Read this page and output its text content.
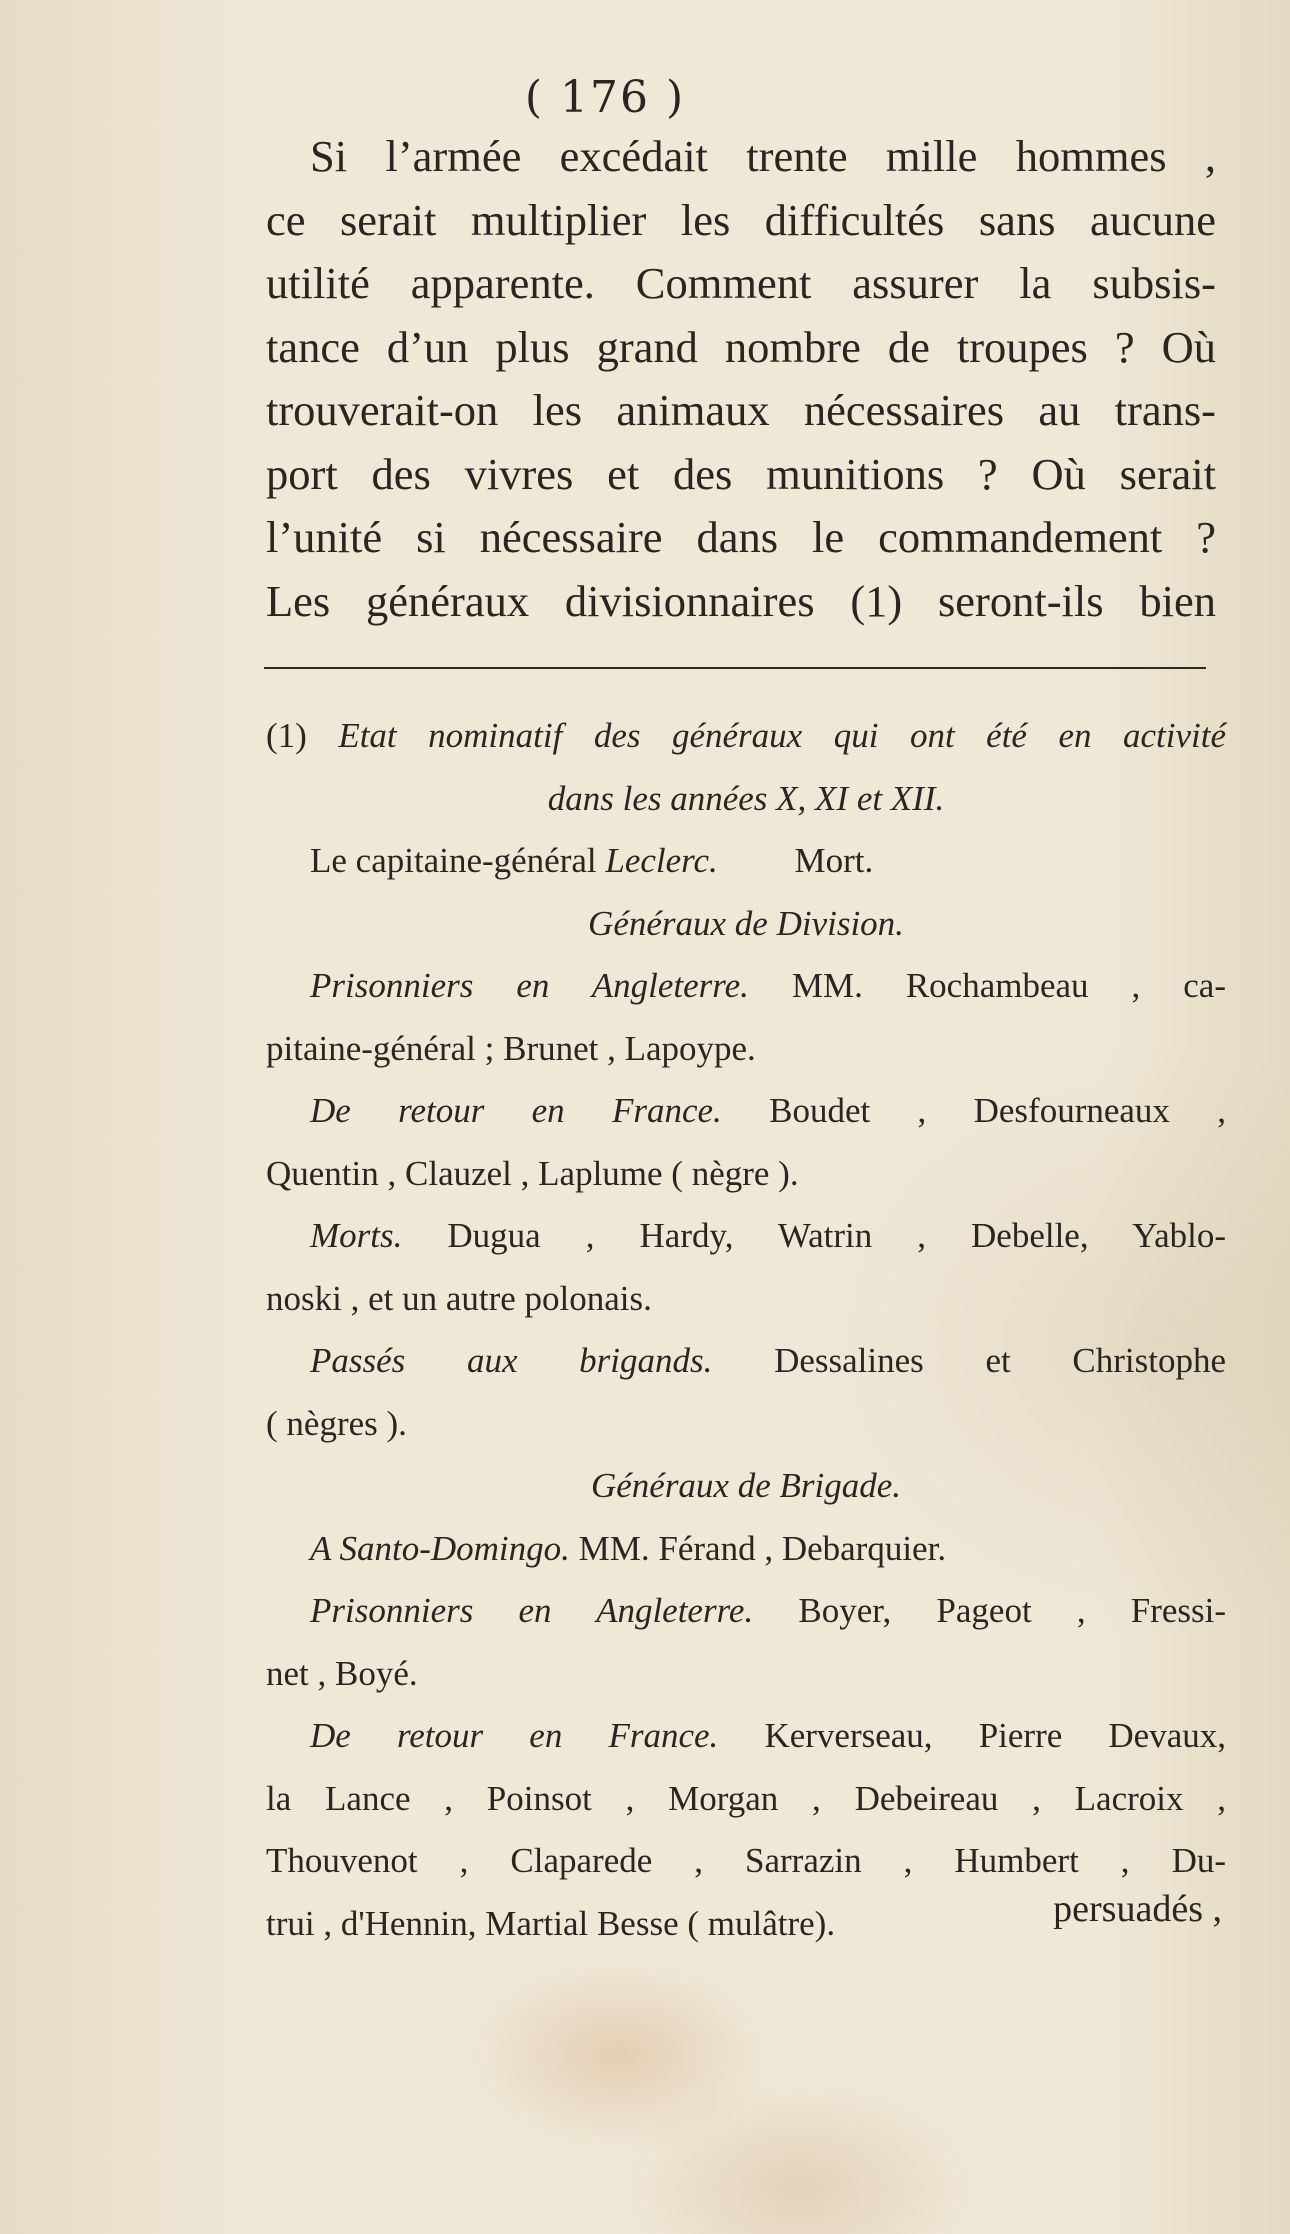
( 176 )
Si l’armée excédait trente mille hommes ,
ce serait multiplier les difficultés sans aucune
utilité apparente. Comment assurer la subsis-
tance d’un plus grand nombre de troupes ? Où
trouverait-on les animaux nécessaires au trans-
port des vivres et des munitions ? Où serait
l’unité si nécessaire dans le commandement ?
Les généraux divisionnaires (1) seront-ils bien
(1) Etat nominatif des généraux qui ont été en activité
dans les années X, XI et XII.
Le capitaine-général Leclerc. Mort.
Généraux de Division.
Prisonniers en Angleterre. MM. Rochambeau , ca-
pitaine-général ; Brunet , Lapoype.
De retour en France. Boudet , Desfourneaux ,
Quentin , Clauzel , Laplume ( nègre ).
Morts. Dugua , Hardy, Watrin , Debelle, Yablo-
noski , et un autre polonais.
Passés aux brigands. Dessalines et Christophe
( nègres ).
Généraux de Brigade.
A Santo-Domingo. MM. Férand , Debarquier.
Prisonniers en Angleterre. Boyer, Pageot , Fressi-
net , Boyé.
De retour en France. Kerverseau, Pierre Devaux,
la Lance , Poinsot , Morgan , Debeireau , Lacroix ,
Thouvenot , Claparede , Sarrazin , Humbert , Du-
trui , d'Hennin, Martial Besse ( mulâtre).	persuadés ,
